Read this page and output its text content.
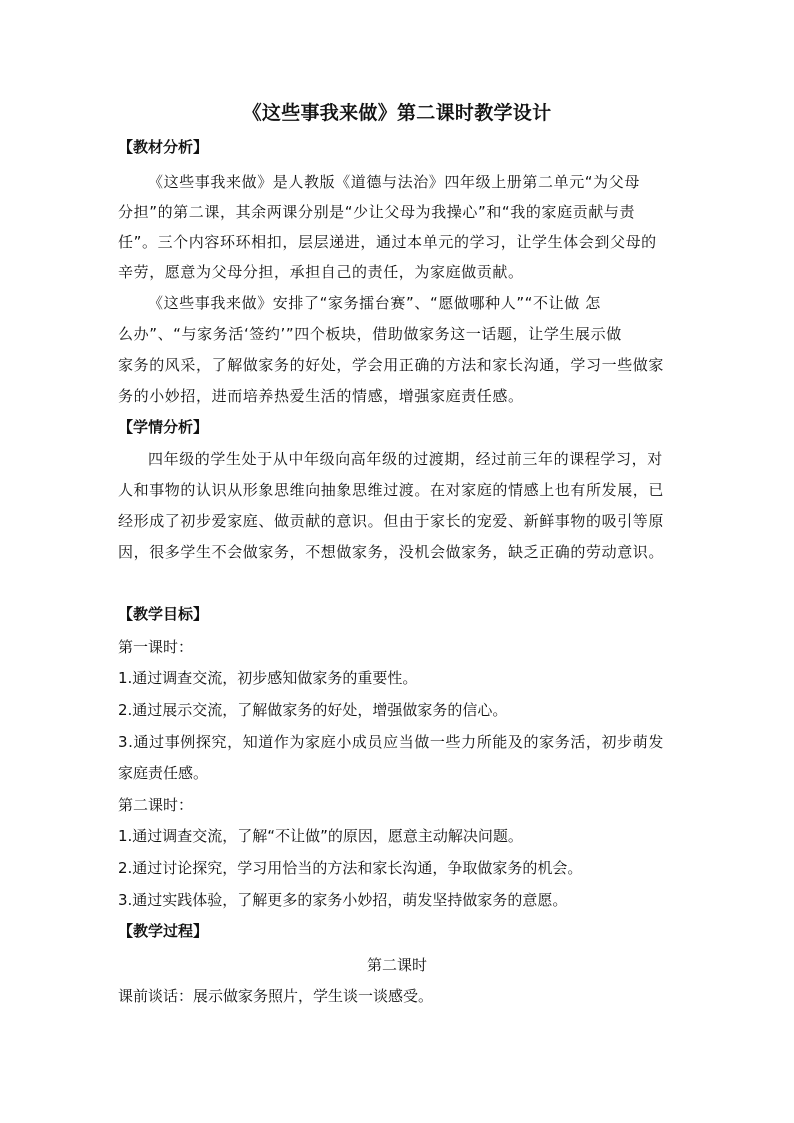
《这些事我来做》第二课时教学设计
【教材分析】
《这些事我来做》是人教版《道德与法治》四年级上册第二单元“为父母
分担”的第二课，其余两课分别是“少让父母为我操心”和“我的家庭贡献与责
任”。三个内容环环相扣，层层递进，通过本单元的学习，让学生体会到父母的
辛劳，愿意为父母分担，承担自己的责任，为家庭做贡献。
《这些事我来做》安排了“家务擂台赛”、“愿做哪种人”“不让做 怎
么办”、“与家务活‘签约’”四个板块，借助做家务这一话题，让学生展示做
家务的风采，了解做家务的好处，学会用正确的方法和家长沟通，学习一些做家
务的小妙招，进而培养热爱生活的情感，增强家庭责任感。
【学情分析】
四年级的学生处于从中年级向高年级的过渡期，经过前三年的课程学习，对
人和事物的认识从形象思维向抽象思维过渡。在对家庭的情感上也有所发展，已
经形成了初步爱家庭、做贡献的意识。但由于家长的宠爱、新鲜事物的吸引等原
因，很多学生不会做家务，不想做家务，没机会做家务，缺乏正确的劳动意识。
【教学目标】
第一课时：
1.通过调查交流，初步感知做家务的重要性。
2.通过展示交流，了解做家务的好处，增强做家务的信心。
3.通过事例探究，知道作为家庭小成员应当做一些力所能及的家务活，初步萌发
家庭责任感。
第二课时：
1.通过调查交流，了解“不让做”的原因，愿意主动解决问题。
2.通过讨论探究，学习用恰当的方法和家长沟通，争取做家务的机会。
3.通过实践体验，了解更多的家务小妙招，萌发坚持做家务的意愿。
【教学过程】
第二课时
课前谈话：展示做家务照片，学生谈一谈感受。
